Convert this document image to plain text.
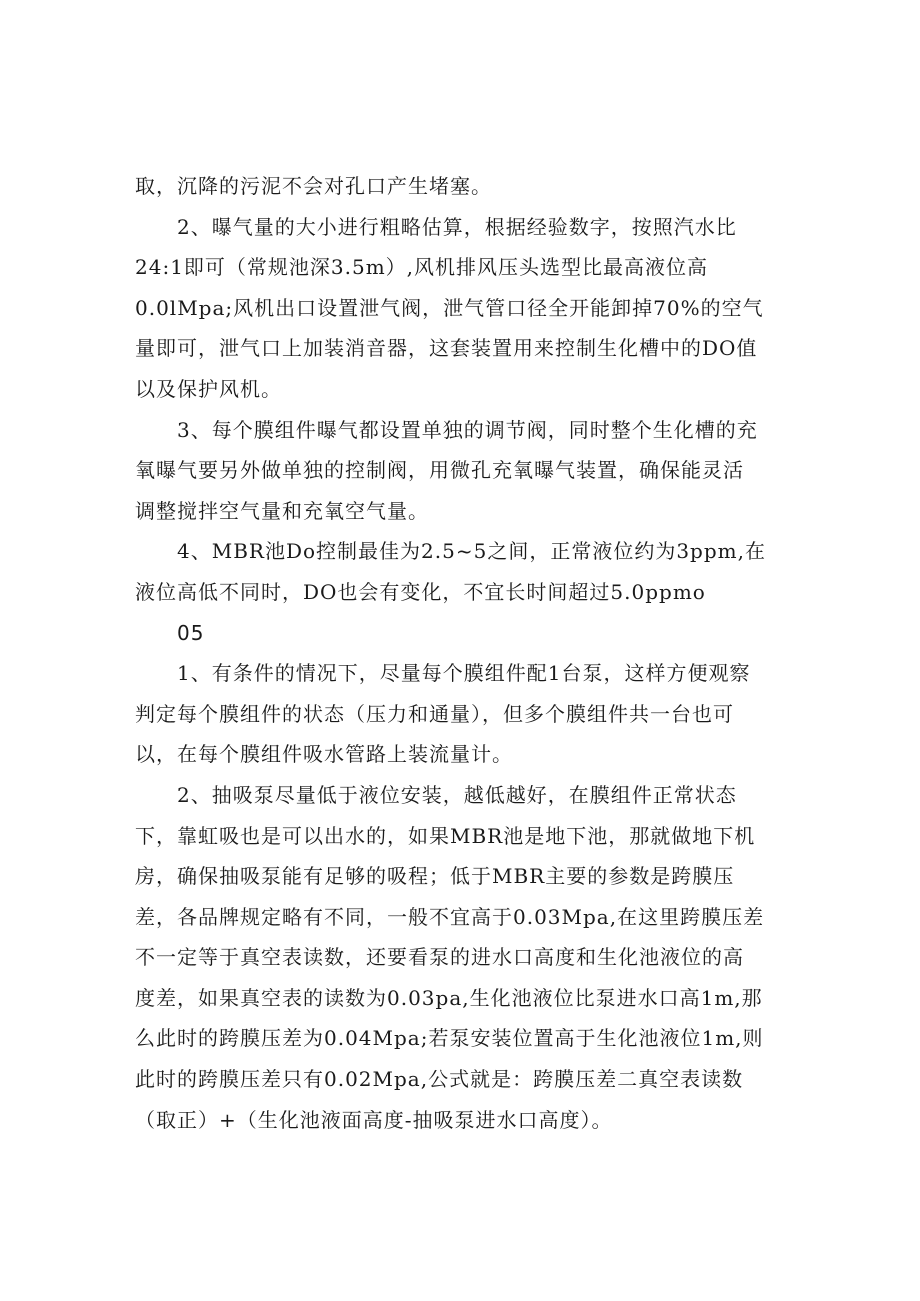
取，沉降的污泥不会对孔口产生堵塞。
2、曝气量的大小进行粗略估算，根据经验数字，按照汽水比
24:1即可（常规池深3.5m）,风机排风压头选型比最高液位高
0.0lMpa;风机出口设置泄气阀，泄气管口径全开能卸掉70%的空气
量即可，泄气口上加装消音器，这套装置用来控制生化槽中的DO值
以及保护风机。
3、每个膜组件曝气都设置单独的调节阀，同时整个生化槽的充
氧曝气要另外做单独的控制阀，用微孔充氧曝气装置，确保能灵活
调整搅拌空气量和充氧空气量。
4、MBR池Do控制最佳为2.5~5之间，正常液位约为3ppm,在
液位高低不同时，DO也会有变化，不宜长时间超过5.0ppmo
05
1、有条件的情况下，尽量每个膜组件配1台泵，这样方便观察
判定每个膜组件的状态（压力和通量），但多个膜组件共一台也可
以，在每个膜组件吸水管路上装流量计。
2、抽吸泵尽量低于液位安装，越低越好，在膜组件正常状态
下，靠虹吸也是可以出水的，如果MBR池是地下池，那就做地下机
房，确保抽吸泵能有足够的吸程；低于MBR主要的参数是跨膜压
差，各品牌规定略有不同，一般不宜高于0.03Mpa,在这里跨膜压差
不一定等于真空表读数，还要看泵的进水口高度和生化池液位的高
度差，如果真空表的读数为0.03pa,生化池液位比泵进水口高1m,那
么此时的跨膜压差为0.04Mpa;若泵安装位置高于生化池液位1m,则
此时的跨膜压差只有0.02Mpa,公式就是：跨膜压差二真空表读数
（取正）+（生化池液面高度-抽吸泵进水口高度）。
